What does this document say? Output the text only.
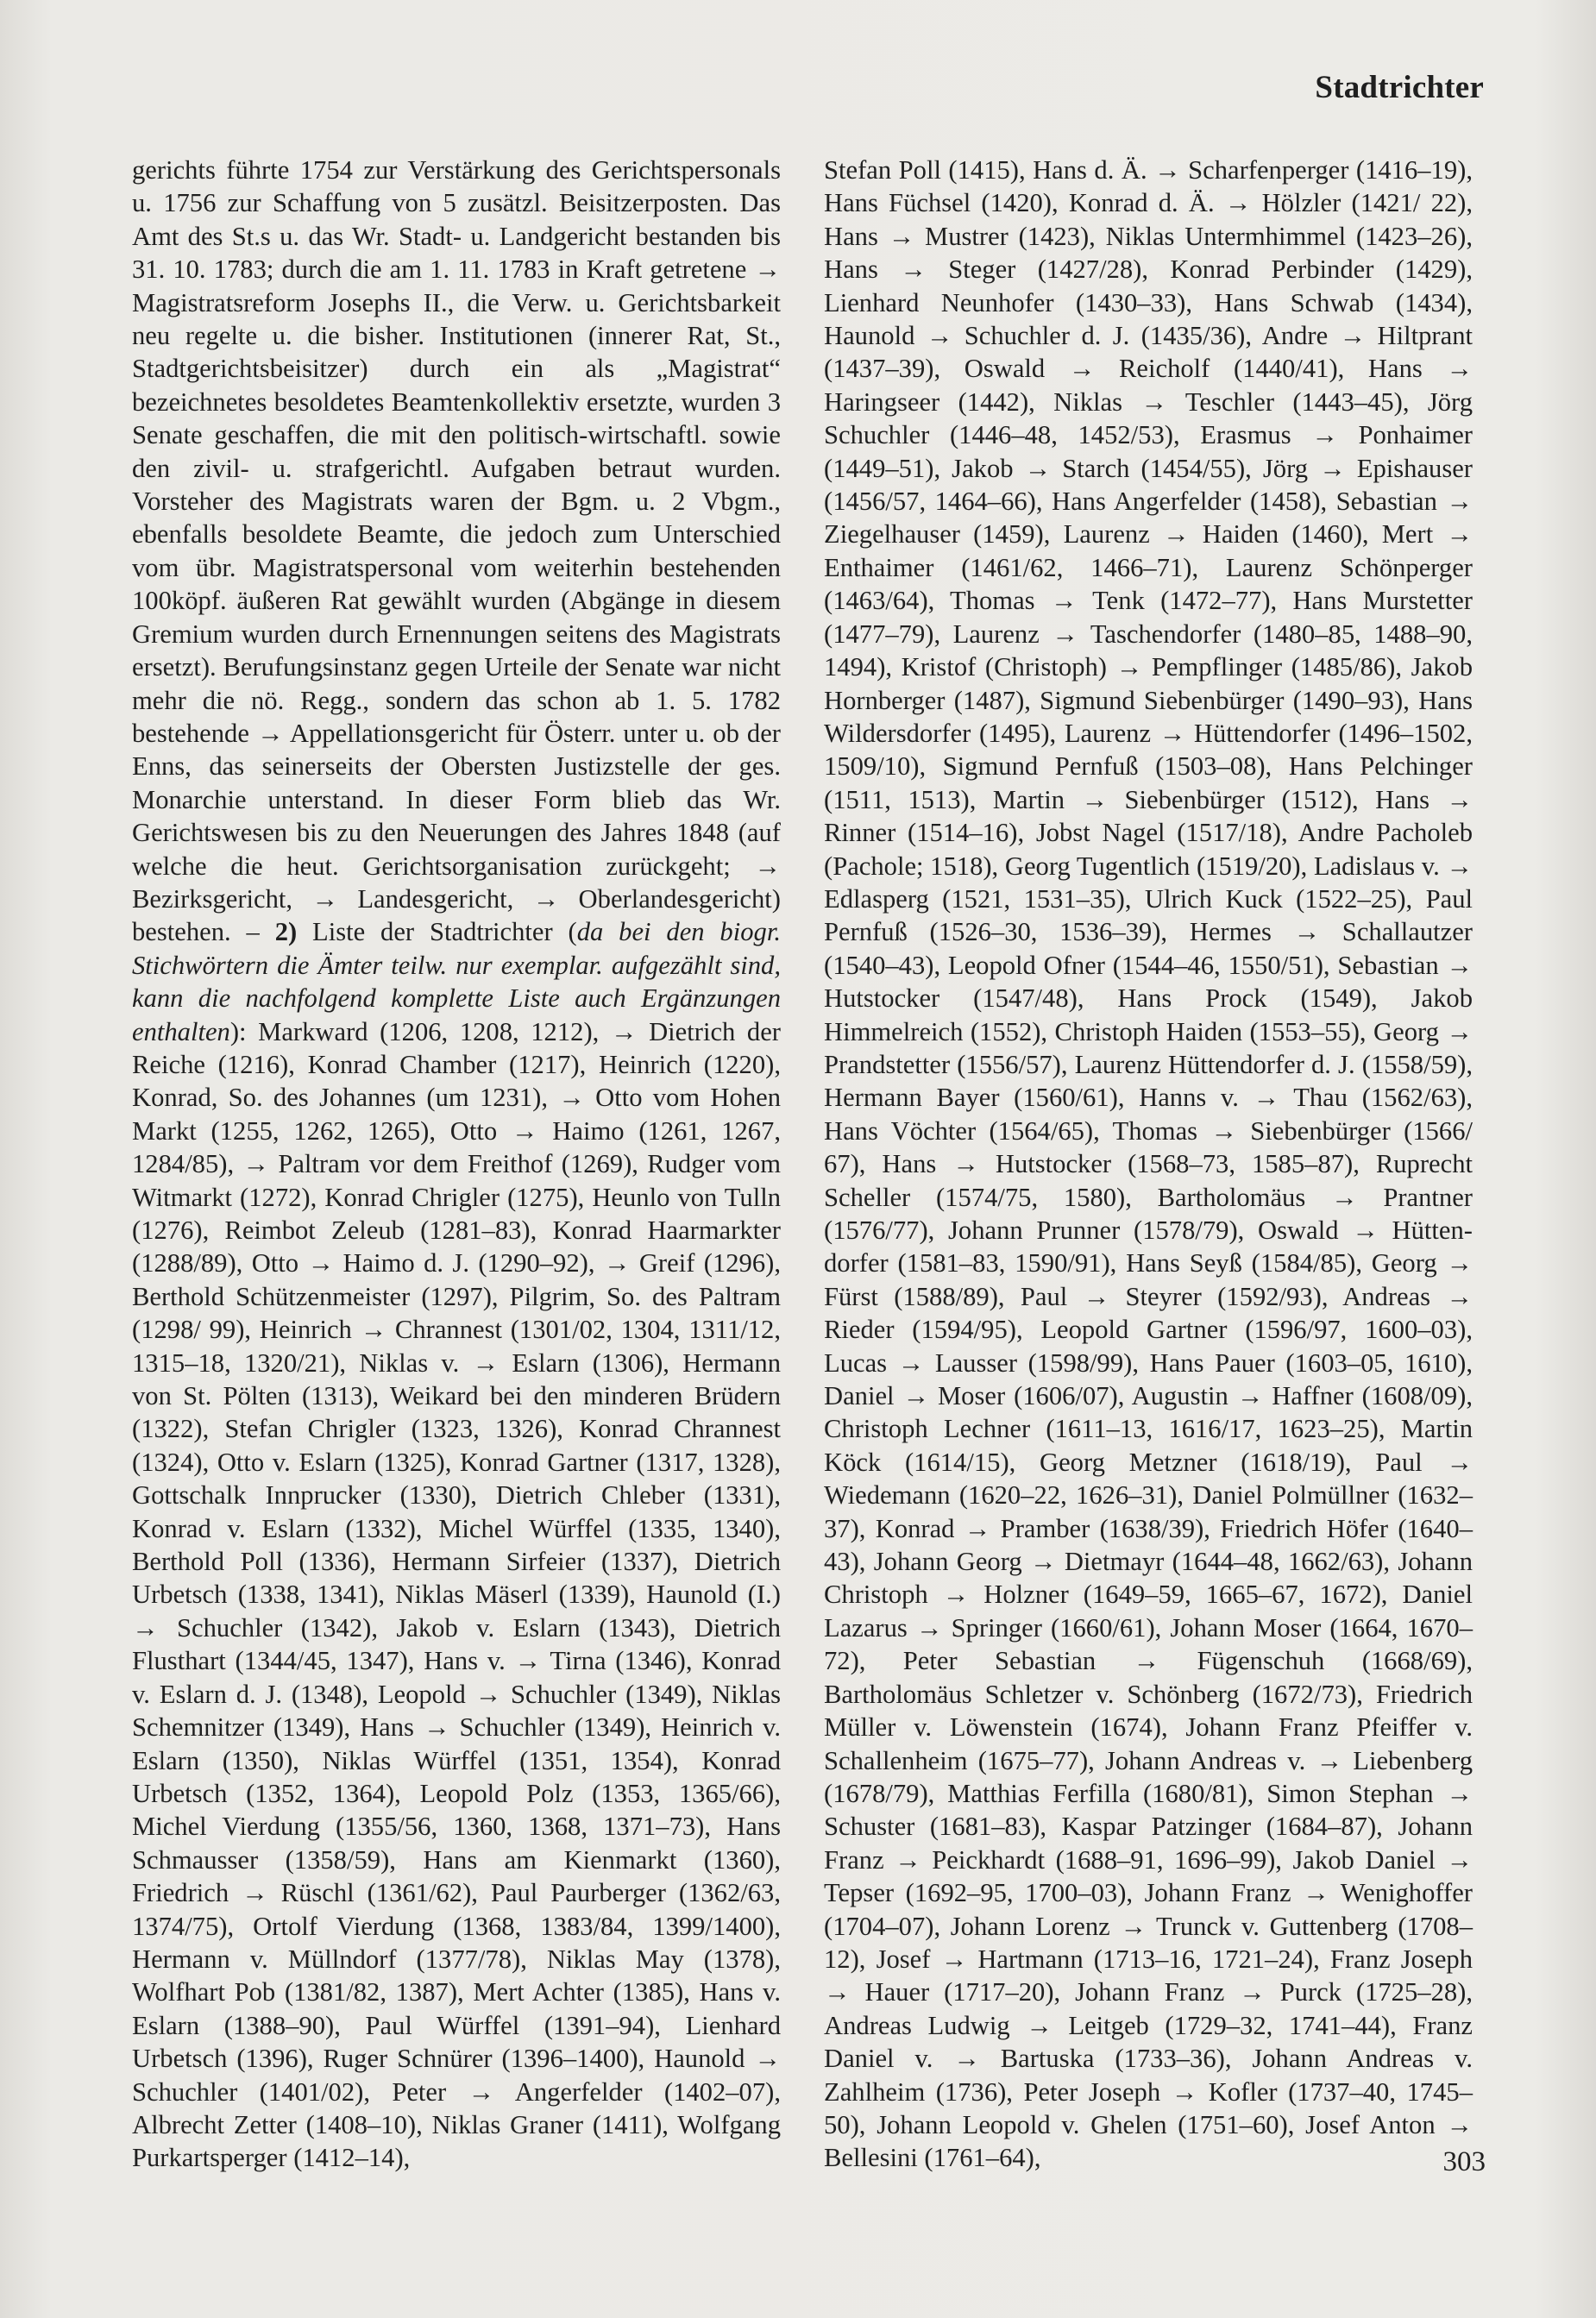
Stadtrichter
gerichts führte 1754 zur Verstärkung des Gerichtspersonals u. 1756 zur Schaffung von 5 zusätzl. Beisitzerposten. Das Amt des St.s u. das Wr. Stadt- u. Landgericht bestanden bis 31. 10. 1783; durch die am 1. 11. 1783 in Kraft getretene → Magistratsreform Josephs II., die Verw. u. Gerichtsbarkeit neu regelte u. die bisher. Institutionen (innerer Rat, St., Stadtgerichtsbeisitzer) durch ein als „Magistrat“ bezeichnetes besoldetes Beamtenkollektiv ersetzte, wurden 3 Senate geschaffen, die mit den politisch-wirtschaftl. sowie den zivil- u. strafgerichtl. Aufgaben betraut wurden. Vorsteher des Magistrats waren der Bgm. u. 2 Vbgm., ebenfalls besoldete Beamte, die jedoch zum Unterschied vom übr. Magistratspersonal vom weiterhin bestehenden 100köpf. äußeren Rat gewählt wurden (Abgänge in diesem Gremium wurden durch Ernennungen seitens des Magistrats ersetzt). Berufungsinstanz gegen Urteile der Senate war nicht mehr die nö. Regg., sondern das schon ab 1. 5. 1782 bestehende → Appellationsgericht für Österr. unter u. ob der Enns, das seinerseits der Obersten Justizstelle der ges. Monarchie unterstand. In dieser Form blieb das Wr. Gerichtswesen bis zu den Neuerungen des Jahres 1848 (auf welche die heut. Gerichtsorganisation zurückgeht; → Bezirksgericht, → Landesgericht, → Oberlandesgericht) bestehen. – 2) Liste der Stadtrichter (da bei den biogr. Stichwörtern die Ämter teilw. nur exemplar. aufgezählt sind, kann die nachfolgend komplette Liste auch Ergänzungen enthalten): Markward (1206, 1208, 1212), → Dietrich der Reiche (1216), Konrad Chamber (1217), Heinrich (1220), Konrad, So. des Johannes (um 1231), → Otto vom Hohen Markt (1255, 1262, 1265), Otto → Haimo (1261, 1267, 1284/85), → Paltram vor dem Freithof (1269), Rudger vom Witmarkt (1272), Konrad Chrigler (1275), Heunlo von Tulln (1276), Reimbot Zeleub (1281–83), Konrad Haarmarkter (1288/89), Otto → Haimo d. J. (1290–92), → Greif (1296), Berthold Schützenmeister (1297), Pilgrim, So. des Paltram (1298/ 99), Heinrich → Chrannest (1301/02, 1304, 1311/12, 1315–18, 1320/21), Niklas v. → Eslarn (1306), Hermann von St. Pölten (1313), Weikard bei den minderen Brüdern (1322), Stefan Chrigler (1323, 1326), Konrad Chrannest (1324), Otto v. Eslarn (1325), Konrad Gartner (1317, 1328), Gottschalk Innprucker (1330), Dietrich Chleber (1331), Konrad v. Eslarn (1332), Michel Würffel (1335, 1340), Berthold Poll (1336), Hermann Sirfeier (1337), Dietrich Urbetsch (1338, 1341), Niklas Mäserl (1339), Haunold (I.) → Schuchler (1342), Jakob v. Eslarn (1343), Dietrich Flusthart (1344/45, 1347), Hans v. → Tirna (1346), Konrad v. Eslarn d. J. (1348), Leopold → Schuchler (1349), Niklas Schemnitzer (1349), Hans → Schuchler (1349), Heinrich v. Eslarn (1350), Niklas Würffel (1351, 1354), Konrad Urbetsch (1352, 1364), Leopold Polz (1353, 1365/66), Michel Vierdung (1355/56, 1360, 1368, 1371–73), Hans Schmausser (1358/59), Hans am Kienmarkt (1360), Friedrich → Rüschl (1361/62), Paul Paurberger (1362/63, 1374/75), Ortolf Vierdung (1368, 1383/84, 1399/1400), Hermann v. Müllndorf (1377/78), Niklas May (1378), Wolfhart Pob (1381/82, 1387), Mert Achter (1385), Hans v. Eslarn (1388–90), Paul Würffel (1391–94), Lienhard Urbetsch (1396), Ruger Schnürer (1396–1400), Haunold → Schuchler (1401/02), Peter → Angerfelder (1402–07), Albrecht Zetter (1408–10), Niklas Graner (1411), Wolfgang Purkartsperger (1412–14),
Stefan Poll (1415), Hans d. Ä. → Scharfenperger (1416–19), Hans Füchsel (1420), Konrad d. Ä. → Hölzler (1421/ 22), Hans → Mustrer (1423), Niklas Untermhimmel (1423–26), Hans → Steger (1427/28), Konrad Perbinder (1429), Lienhard Neunhofer (1430–33), Hans Schwab (1434), Haunold → Schuchler d. J. (1435/36), Andre → Hiltprant (1437–39), Oswald → Reicholf (1440/41), Hans → Haringseer (1442), Niklas → Teschler (1443–45), Jörg Schuchler (1446–48, 1452/53), Erasmus → Ponhaimer (1449–51), Jakob → Starch (1454/55), Jörg → Epishauser (1456/57, 1464–66), Hans Angerfelder (1458), Sebastian → Ziegelhauser (1459), Laurenz → Haiden (1460), Mert → Enthaimer (1461/62, 1466–71), Laurenz Schönperger (1463/64), Thomas → Tenk (1472–77), Hans Murstetter (1477–79), Laurenz → Taschendorfer (1480–85, 1488–90, 1494), Kristof (Christoph) → Pempflinger (1485/86), Jakob Hornberger (1487), Sigmund Siebenbürger (1490–93), Hans Wildersdorfer (1495), Laurenz → Hüttendorfer (1496–1502, 1509/10), Sigmund Pernfuß (1503–08), Hans Pelchinger (1511, 1513), Martin → Siebenbürger (1512), Hans → Rinner (1514–16), Jobst Nagel (1517/18), Andre Pacholeb (Pachole; 1518), Georg Tugentlich (1519/20), Ladislaus v. → Edlasperg (1521, 1531–35), Ulrich Kuck (1522–25), Paul Pernfuß (1526–30, 1536–39), Hermes → Schallautzer (1540–43), Leopold Ofner (1544–46, 1550/51), Sebastian → Hutstocker (1547/48), Hans Prock (1549), Jakob Himmelreich (1552), Christoph Haiden (1553–55), Georg → Prandstetter (1556/57), Laurenz Hüttendorfer d. J. (1558/59), Hermann Bayer (1560/61), Hanns v. → Thau (1562/63), Hans Vöchter (1564/65), Thomas → Siebenbürger (1566/ 67), Hans → Hutstocker (1568–73, 1585–87), Ruprecht Scheller (1574/75, 1580), Bartholomäus → Prantner (1576/77), Johann Prunner (1578/79), Oswald → Hüttendorfer (1581–83, 1590/91), Hans Seyß (1584/85), Georg → Fürst (1588/89), Paul → Steyrer (1592/93), Andreas → Rieder (1594/95), Leopold Gartner (1596/97, 1600–03), Lucas → Lausser (1598/99), Hans Pauer (1603–05, 1610), Daniel → Moser (1606/07), Augustin → Haffner (1608/09), Christoph Lechner (1611–13, 1616/17, 1623–25), Martin Köck (1614/15), Georg Metzner (1618/19), Paul → Wiedemann (1620–22, 1626–31), Daniel Polmüllner (1632–37), Konrad → Pramber (1638/39), Friedrich Höfer (1640–43), Johann Georg → Dietmayr (1644–48, 1662/63), Johann Christoph → Holzner (1649–59, 1665–67, 1672), Daniel Lazarus → Springer (1660/61), Johann Moser (1664, 1670–72), Peter Sebastian → Fügenschuh (1668/69), Bartholomäus Schletzer v. Schönberg (1672/73), Friedrich Müller v. Löwenstein (1674), Johann Franz Pfeiffer v. Schallenheim (1675–77), Johann Andreas v. → Liebenberg (1678/79), Matthias Ferfilla (1680/81), Simon Stephan → Schuster (1681–83), Kaspar Patzinger (1684–87), Johann Franz → Peickhardt (1688–91, 1696–99), Jakob Daniel → Tepser (1692–95, 1700–03), Johann Franz → Wenighoffer (1704–07), Johann Lorenz → Trunck v. Guttenberg (1708–12), Josef → Hartmann (1713–16, 1721–24), Franz Joseph → Hauer (1717–20), Johann Franz → Purck (1725–28), Andreas Ludwig → Leitgeb (1729–32, 1741–44), Franz Daniel v. → Bartuska (1733–36), Johann Andreas v. Zahlheim (1736), Peter Joseph → Kofler (1737–40, 1745–50), Johann Leopold v. Ghelen (1751–60), Josef Anton → Bellesini (1761–64),	303
